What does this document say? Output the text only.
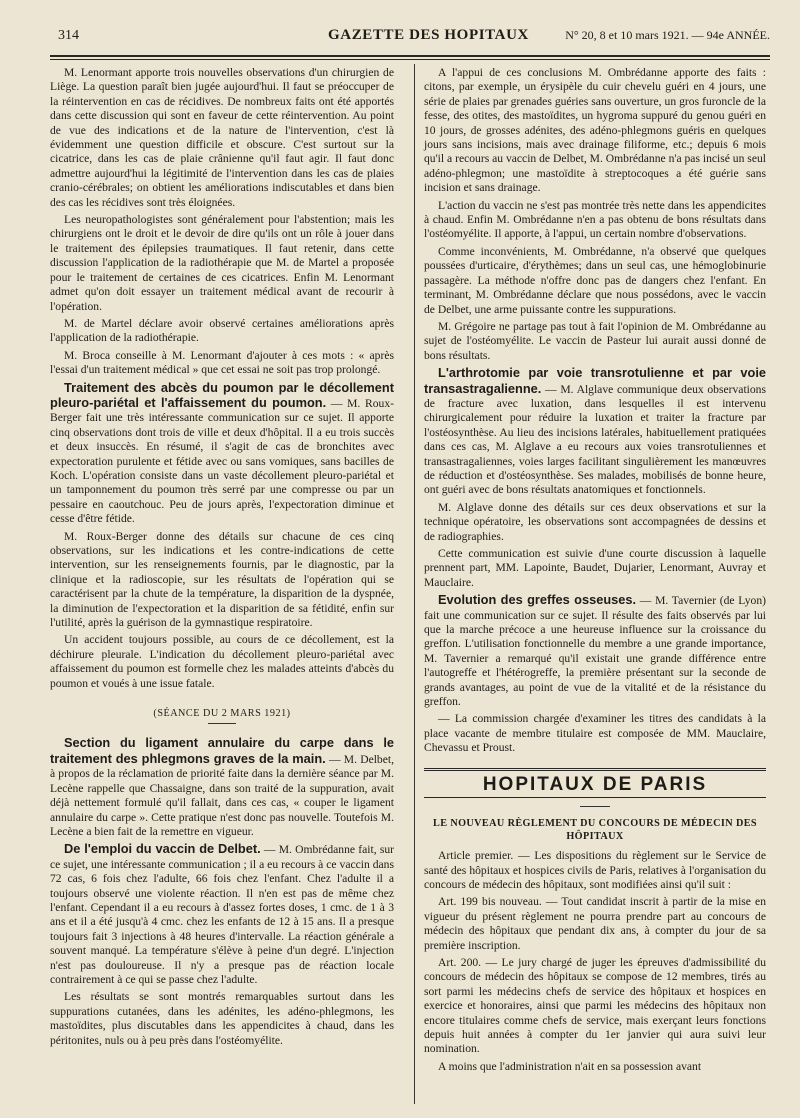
314	GAZETTE DES HOPITAUX	N° 20, 8 et 10 mars 1921. — 94e ANNÉE.

M. Lenormant apporte trois nouvelles observations d'un chirurgien de Liège. La question paraît bien jugée aujourd'hui. Il faut se préoccuper de la réintervention en cas de récidives. De nombreux faits ont été apportés dans cette discussion qui sont en faveur de cette réintervention. Au point de vue des indications et de la nature de l'intervention, c'est là évidemment une question difficile et obscure. C'est surtout sur la cicatrice, dans les cas de plaie crânienne qu'il faut agir. Il faut donc admettre aujourd'hui la légitimité de l'intervention dans les cas de plaies cranio-cérébrales; on obtient les améliorations indiscutables et dans bien des cas les récidives sont très éloignées.

Les neuropathologistes sont généralement pour l'abstention; mais les chirurgiens ont le droit et le devoir de dire qu'ils ont un rôle à jouer dans le traitement des épilepsies traumatiques. Il faut retenir, dans cette discussion l'application de la radiothérapie que M. de Martel a proposée pour le traitement de certaines de ces cicatrices. Enfin M. Lenormant admet qu'on doit essayer un traitement médical avant de recourir à l'opération.

M. de Martel déclare avoir observé certaines améliorations après l'application de la radiothérapie.

M. Broca conseille à M. Lenormant d'ajouter à ces mots : « après l'essai d'un traitement médical » que cet essai ne soit pas trop prolongé.

Traitement des abcès du poumon par le décollement pleuro-pariétal et l'affaissement du poumon. — M. Roux-Berger fait une très intéressante communication sur ce sujet. Il apporte cinq observations dont trois de ville et deux d'hôpital. Il a eu trois succès et deux insuccès. En résumé, il s'agit de cas de bronchites avec expectoration purulente et fétide avec ou sans vomiques, sans bacilles de Koch. L'opération consiste dans un vaste décollement pleuro-pariétal et un tamponnement du poumon très serré par une compresse ou par un pessaire en caoutchouc. Peu de jours après, l'expectoration diminue et cesse d'être fétide.

M. Roux-Berger donne des détails sur chacune de ces cinq observations, sur les indications et les contre-indications de cette intervention, sur les renseignements fournis, par le diagnostic, par la clinique et la radioscopie, sur les résultats de l'opération qui se caractérisent par la chute de la température, la disparition de la dyspnée, la diminution de l'expectoration et la disparition de sa fétidité, enfin sur l'utilité, après la guérison de la gymnastique respiratoire.

Un accident toujours possible, au cours de ce décollement, est la déchirure pleurale. L'indication du décollement pleuro-pariétal avec affaissement du poumon est formelle chez les malades atteints d'abcès du poumon et voués à une issue fatale.

(SÉANCE DU 2 MARS 1921)

Section du ligament annulaire du carpe dans le traitement des phlegmons graves de la main. — M. Delbet, à propos de la réclamation de priorité faite dans la dernière séance par M. Lecène rappelle que Chassaigne, dans son traité de la suppuration, avait déjà nettement formulé qu'il fallait, dans ces cas, « couper le ligament annulaire du carpe ». Cette pratique n'est donc pas nouvelle. Toutefois M. Lecène a bien fait de la remettre en vigueur.

De l'emploi du vaccin de Delbet. — M. Ombrédanne fait, sur ce sujet, une intéressante communication ; il a eu recours à ce vaccin dans 72 cas, 6 fois chez l'adulte, 66 fois chez l'enfant. Chez l'adulte il a toujours observé une violente réaction. Il n'en est pas de même chez l'enfant. Cependant il a eu recours à d'assez fortes doses, 1 cmc. de 1 à 3 ans et il a été jusqu'à 4 cmc. chez les enfants de 12 à 15 ans. Il a presque toujours fait 3 injections à 48 heures d'intervalle. La réaction générale a souvent manqué. La température s'élève à peine d'un degré. L'injection n'est pas douloureuse. Il n'y a presque pas de réaction locale contrairement à ce qui se passe chez l'adulte.

Les résultats se sont montrés remarquables surtout dans les suppurations cutanées, dans les adénites, les adéno-phlegmons, les mastoïdites, plus discutables dans les appendicites à chaud, dans les péritonites, nuls ou à peu près dans l'ostéomyélite.

A l'appui de ces conclusions M. Ombrédanne apporte des faits : citons, par exemple, un érysipèle du cuir chevelu guéri en 4 jours, une série de plaies par grenades guéries sans ouverture, un gros furoncle de la fesse, des otites, des mastoïdites, un hygroma suppuré du genou guéri en 10 jours, de grosses adénites, des adéno-phlegmons guéris en quelques jours sans incisions, mais avec drainage filiforme, etc.; depuis 6 mois qu'il a recours au vaccin de Delbet, M. Ombrédanne n'a pas incisé un seul adéno-phlegmon; une mastoïdite à streptocoques a été guérie sans incision et sans drainage.

L'action du vaccin ne s'est pas montrée très nette dans les appendicites à chaud. Enfin M. Ombrédanne n'en a pas obtenu de bons résultats dans l'ostéomyélite. Il apporte, à l'appui, un certain nombre d'observations.

Comme inconvénients, M. Ombrédanne, n'a observé que quelques poussées d'urticaire, d'érythèmes; dans un seul cas, une hémoglobinurie passagère. La méthode n'offre donc pas de dangers chez l'enfant. En terminant, M. Ombrédanne déclare que nous possédons, avec le vaccin de Delbet, une arme puissante contre les suppurations.

M. Grégoire ne partage pas tout à fait l'opinion de M. Ombrédanne au sujet de l'ostéomyélite. Le vaccin de Pasteur lui aurait aussi donné de bons résultats.

L'arthrotomie par voie transrotulienne et par voie transastragalienne. — M. Alglave communique deux observations de fracture avec luxation, dans lesquelles il est intervenu chirurgicalement pour réduire la luxation et traiter la fracture par l'ostéosynthèse. Au lieu des incisions latérales, habituellement pratiquées dans ces cas, M. Alglave a eu recours aux voies transrotuliennes et transastragaliennes, voies larges facilitant singulièrement les manœuvres de réduction et d'ostéosynthèse. Ses malades, mobilisés de bonne heure, ont guéri avec de bons résultats anatomiques et fonctionnels.

M. Alglave donne des détails sur ces deux observations et sur la technique opératoire, les observations sont accompagnées de dessins et de radiographies.

Cette communication est suivie d'une courte discussion à laquelle prennent part, MM. Lapointe, Baudet, Dujarier, Lenormant, Auvray et Mauclaire.

Evolution des greffes osseuses. — M. Tavernier (de Lyon) fait une communication sur ce sujet. Il résulte des faits observés par lui que la marche précoce a une heureuse influence sur la croissance du greffon. L'utilisation fonctionnelle du membre a une grande importance, M. Tavernier a remarqué qu'il existait une grande différence entre l'autogreffe et l'hétérogreffe, la première présentant sur la seconde de grands avantages, au point de vue de la vitalité et de la résistance du greffon.

— La commission chargée d'examiner les titres des candidats à la place vacante de membre titulaire est composée de MM. Mauclaire, Chevassu et Proust.

HOPITAUX DE PARIS
LE NOUVEAU RÈGLEMENT DU CONCOURS DE MÉDECIN DES HÔPITAUX

Article premier. — Les dispositions du règlement sur le Service de santé des hôpitaux et hospices civils de Paris, relatives à l'organisation du concours de médecin des hôpitaux, sont modifiées ainsi qu'il suit :

Art. 199 bis nouveau. — Tout candidat inscrit à partir de la mise en vigueur du présent règlement ne pourra prendre part au concours de médecin des hôpitaux que pendant dix ans, à compter du jour de sa première inscription.

Art. 200. — Le jury chargé de juger les épreuves d'admissibilité du concours de médecin des hôpitaux se compose de 12 membres, tirés au sort parmi les médecins chefs de service des hôpitaux et hospices en exercice et honoraires, ainsi que parmi les médecins des hôpitaux non encore titulaires comme chefs de service, mais exerçant leurs fonctions depuis huit années à compter du 1er janvier qui aura suivi leur nomination.

A moins que l'administration n'ait en sa possession avant
